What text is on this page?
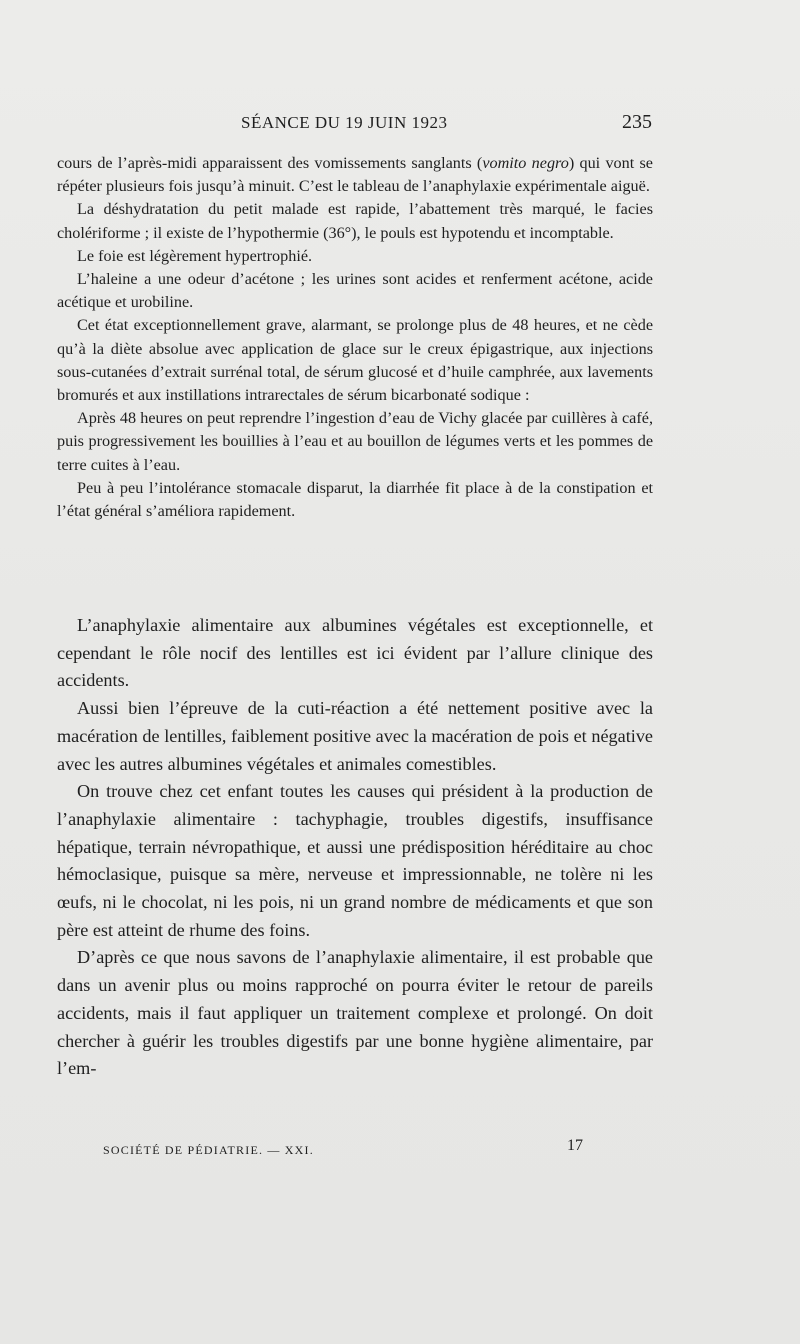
SÉANCE DU 19 JUIN 1923	235

cours de l’après-midi apparaissent des vomissements sanglants (vomito negro) qui vont se répéter plusieurs fois jusqu’à minuit. C’est le tableau de l’anaphylaxie expérimentale aiguë.

La déshydratation du petit malade est rapide, l’abattement très marqué, le facies cholériforme ; il existe de l’hypothermie (36°), le pouls est hypotendu et incomptable.

Le foie est légèrement hypertrophié.

L’haleine a une odeur d’acétone ; les urines sont acides et renferment acétone, acide acétique et urobiline.

Cet état exceptionnellement grave, alarmant, se prolonge plus de 48 heures, et ne cède qu’à la diète absolue avec application de glace sur le creux épigastrique, aux injections sous-cutanées d’extrait surrénal total, de sérum glucosé et d’huile camphrée, aux lavements bromurés et aux instillations intrarectales de sérum bicarbonaté sodique :

Après 48 heures on peut reprendre l’ingestion d’eau de Vichy glacée par cuillères à café, puis progressivement les bouillies à l’eau et au bouillon de légumes verts et les pommes de terre cuites à l’eau.

Peu à peu l’intolérance stomacale disparut, la diarrhée fit place à de la constipation et l’état général s’améliora rapidement.

L’anaphylaxie alimentaire aux albumines végétales est exceptionnelle, et cependant le rôle nocif des lentilles est ici évident par l’allure clinique des accidents.

Aussi bien l’épreuve de la cuti-réaction a été nettement positive avec la macération de lentilles, faiblement positive avec la macération de pois et négative avec les autres albumines végétales et animales comestibles.

On trouve chez cet enfant toutes les causes qui président à la production de l’anaphylaxie alimentaire : tachyphagie, troubles digestifs, insuffisance hépatique, terrain névropathique, et aussi une prédisposition héréditaire au choc hémoclasique, puisque sa mère, nerveuse et impressionnable, ne tolère ni les œufs, ni le chocolat, ni les pois, ni un grand nombre de médicaments et que son père est atteint de rhume des foins.

D’après ce que nous savons de l’anaphylaxie alimentaire, il est probable que dans un avenir plus ou moins rapproché on pourra éviter le retour de pareils accidents, mais il faut appliquer un traitement complexe et prolongé. On doit chercher à guérir les troubles digestifs par une bonne hygiène alimentaire, par l’em-

SOCIÉTÉ DE PÉDIATRIE. — XXI.	17
